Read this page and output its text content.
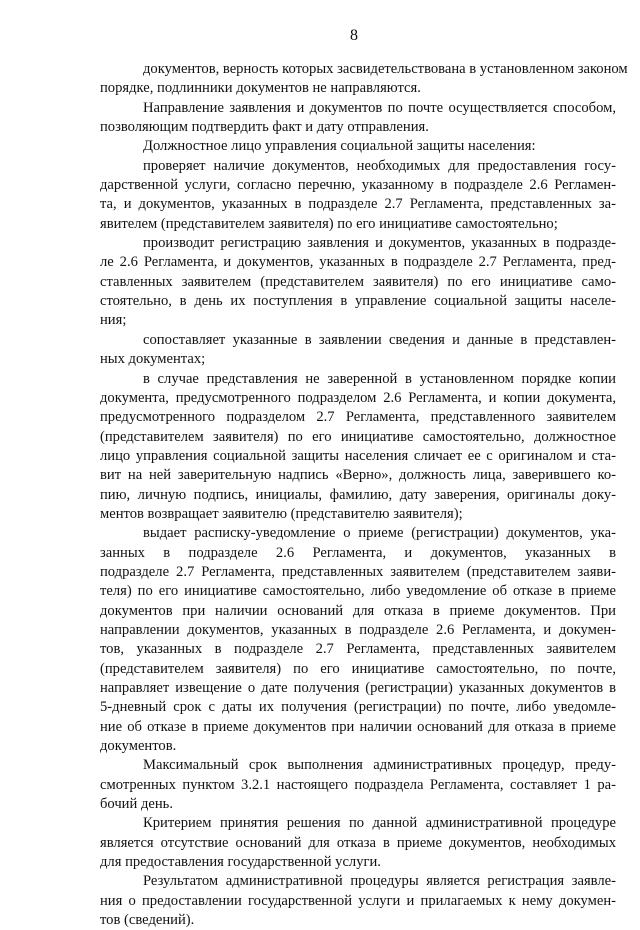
8
документов, верность которых засвидетельствована в установленном законом
порядке, подлинники документов не направляются.
Направление заявления и документов по почте осуществляется способом,
позволяющим подтвердить факт и дату отправления.
Должностное лицо управления социальной защиты населения:
проверяет наличие документов, необходимых для предоставления госу-
дарственной услуги, согласно перечню, указанному в подразделе 2.6 Регламен-
та, и документов, указанных в подразделе 2.7 Регламента, представленных за-
явителем (представителем заявителя) по его инициативе самостоятельно;
производит регистрацию заявления и документов, указанных в подразде-
ле 2.6 Регламента, и документов, указанных в подразделе 2.7 Регламента, пред-
ставленных заявителем (представителем заявителя) по его инициативе само-
стоятельно, в день их поступления в управление социальной защиты населе-
ния;
сопоставляет указанные в заявлении сведения и данные в представлен-
ных документах;
в случае представления не заверенной в установленном порядке копии
документа, предусмотренного подразделом 2.6 Регламента, и копии документа,
предусмотренного подразделом 2.7 Регламента, представленного заявителем
(представителем заявителя) по его инициативе самостоятельно, должностное
лицо управления социальной защиты населения сличает ее с оригиналом и ста-
вит на ней заверительную надпись «Верно», должность лица, заверившего ко-
пию, личную подпись, инициалы, фамилию, дату заверения, оригиналы доку-
ментов возвращает заявителю (представителю заявителя);
выдает расписку-уведомление о приеме (регистрации) документов, ука-
занных в подразделе 2.6 Регламента, и документов, указанных в
подразделе 2.7 Регламента, представленных заявителем (представителем заяви-
теля) по его инициативе самостоятельно, либо уведомление об отказе в приеме
документов при наличии оснований для отказа в приеме документов. При
направлении документов, указанных в подразделе 2.6 Регламента, и докумен-
тов, указанных в подразделе 2.7 Регламента, представленных заявителем
(представителем заявителя) по его инициативе самостоятельно, по почте,
направляет извещение о дате получения (регистрации) указанных документов в
5-дневный срок с даты их получения (регистрации) по почте, либо уведомле-
ние об отказе в приеме документов при наличии оснований для отказа в приеме
документов.
Максимальный срок выполнения административных процедур, преду-
смотренных пунктом 3.2.1 настоящего подраздела Регламента, составляет 1 ра-
бочий день.
Критерием принятия решения по данной административной процедуре
является отсутствие оснований для отказа в приеме документов, необходимых
для предоставления государственной услуги.
Результатом административной процедуры является регистрация заявле-
ния о предоставлении государственной услуги и прилагаемых к нему докумен-
тов (сведений).
